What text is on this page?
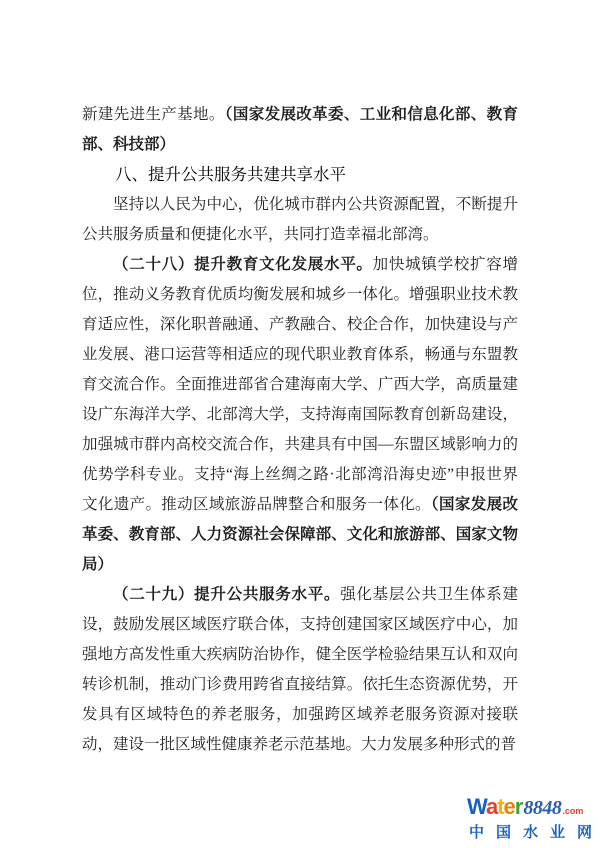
新建先进生产基地。（国家发展改革委、工业和信息化部、教育部、科技部）

八、提升公共服务共建共享水平

坚持以人民为中心，优化城市群内公共资源配置，不断提升公共服务质量和便捷化水平，共同打造幸福北部湾。

（二十八）提升教育文化发展水平。加快城镇学校扩容增位，推动义务教育优质均衡发展和城乡一体化。增强职业技术教育适应性，深化职普融通、产教融合、校企合作，加快建设与产业发展、港口运营等相适应的现代职业教育体系，畅通与东盟教育交流合作。全面推进部省合建海南大学、广西大学，高质量建设广东海洋大学、北部湾大学，支持海南国际教育创新岛建设，加强城市群内高校交流合作，共建具有中国—东盟区域影响力的优势学科专业。支持“海上丝绸之路·北部湾沿海史迹”申报世界文化遗产。推动区域旅游品牌整合和服务一体化。（国家发展改革委、教育部、人力资源社会保障部、文化和旅游部、国家文物局）

（二十九）提升公共服务水平。强化基层公共卫生体系建设，鼓励发展区域医疗联合体，支持创建国家区域医疗中心，加强地方高发性重大疾病防治协作，健全医学检验结果互认和双向转诊机制，推动门诊费用跨省直接结算。依托生态资源优势，开发具有区域特色的养老服务，加强跨区域养老服务资源对接联动，建设一批区域性健康养老示范基地。大力发展多种形式的普

Water 8848 .com
中 国 水 业 网
